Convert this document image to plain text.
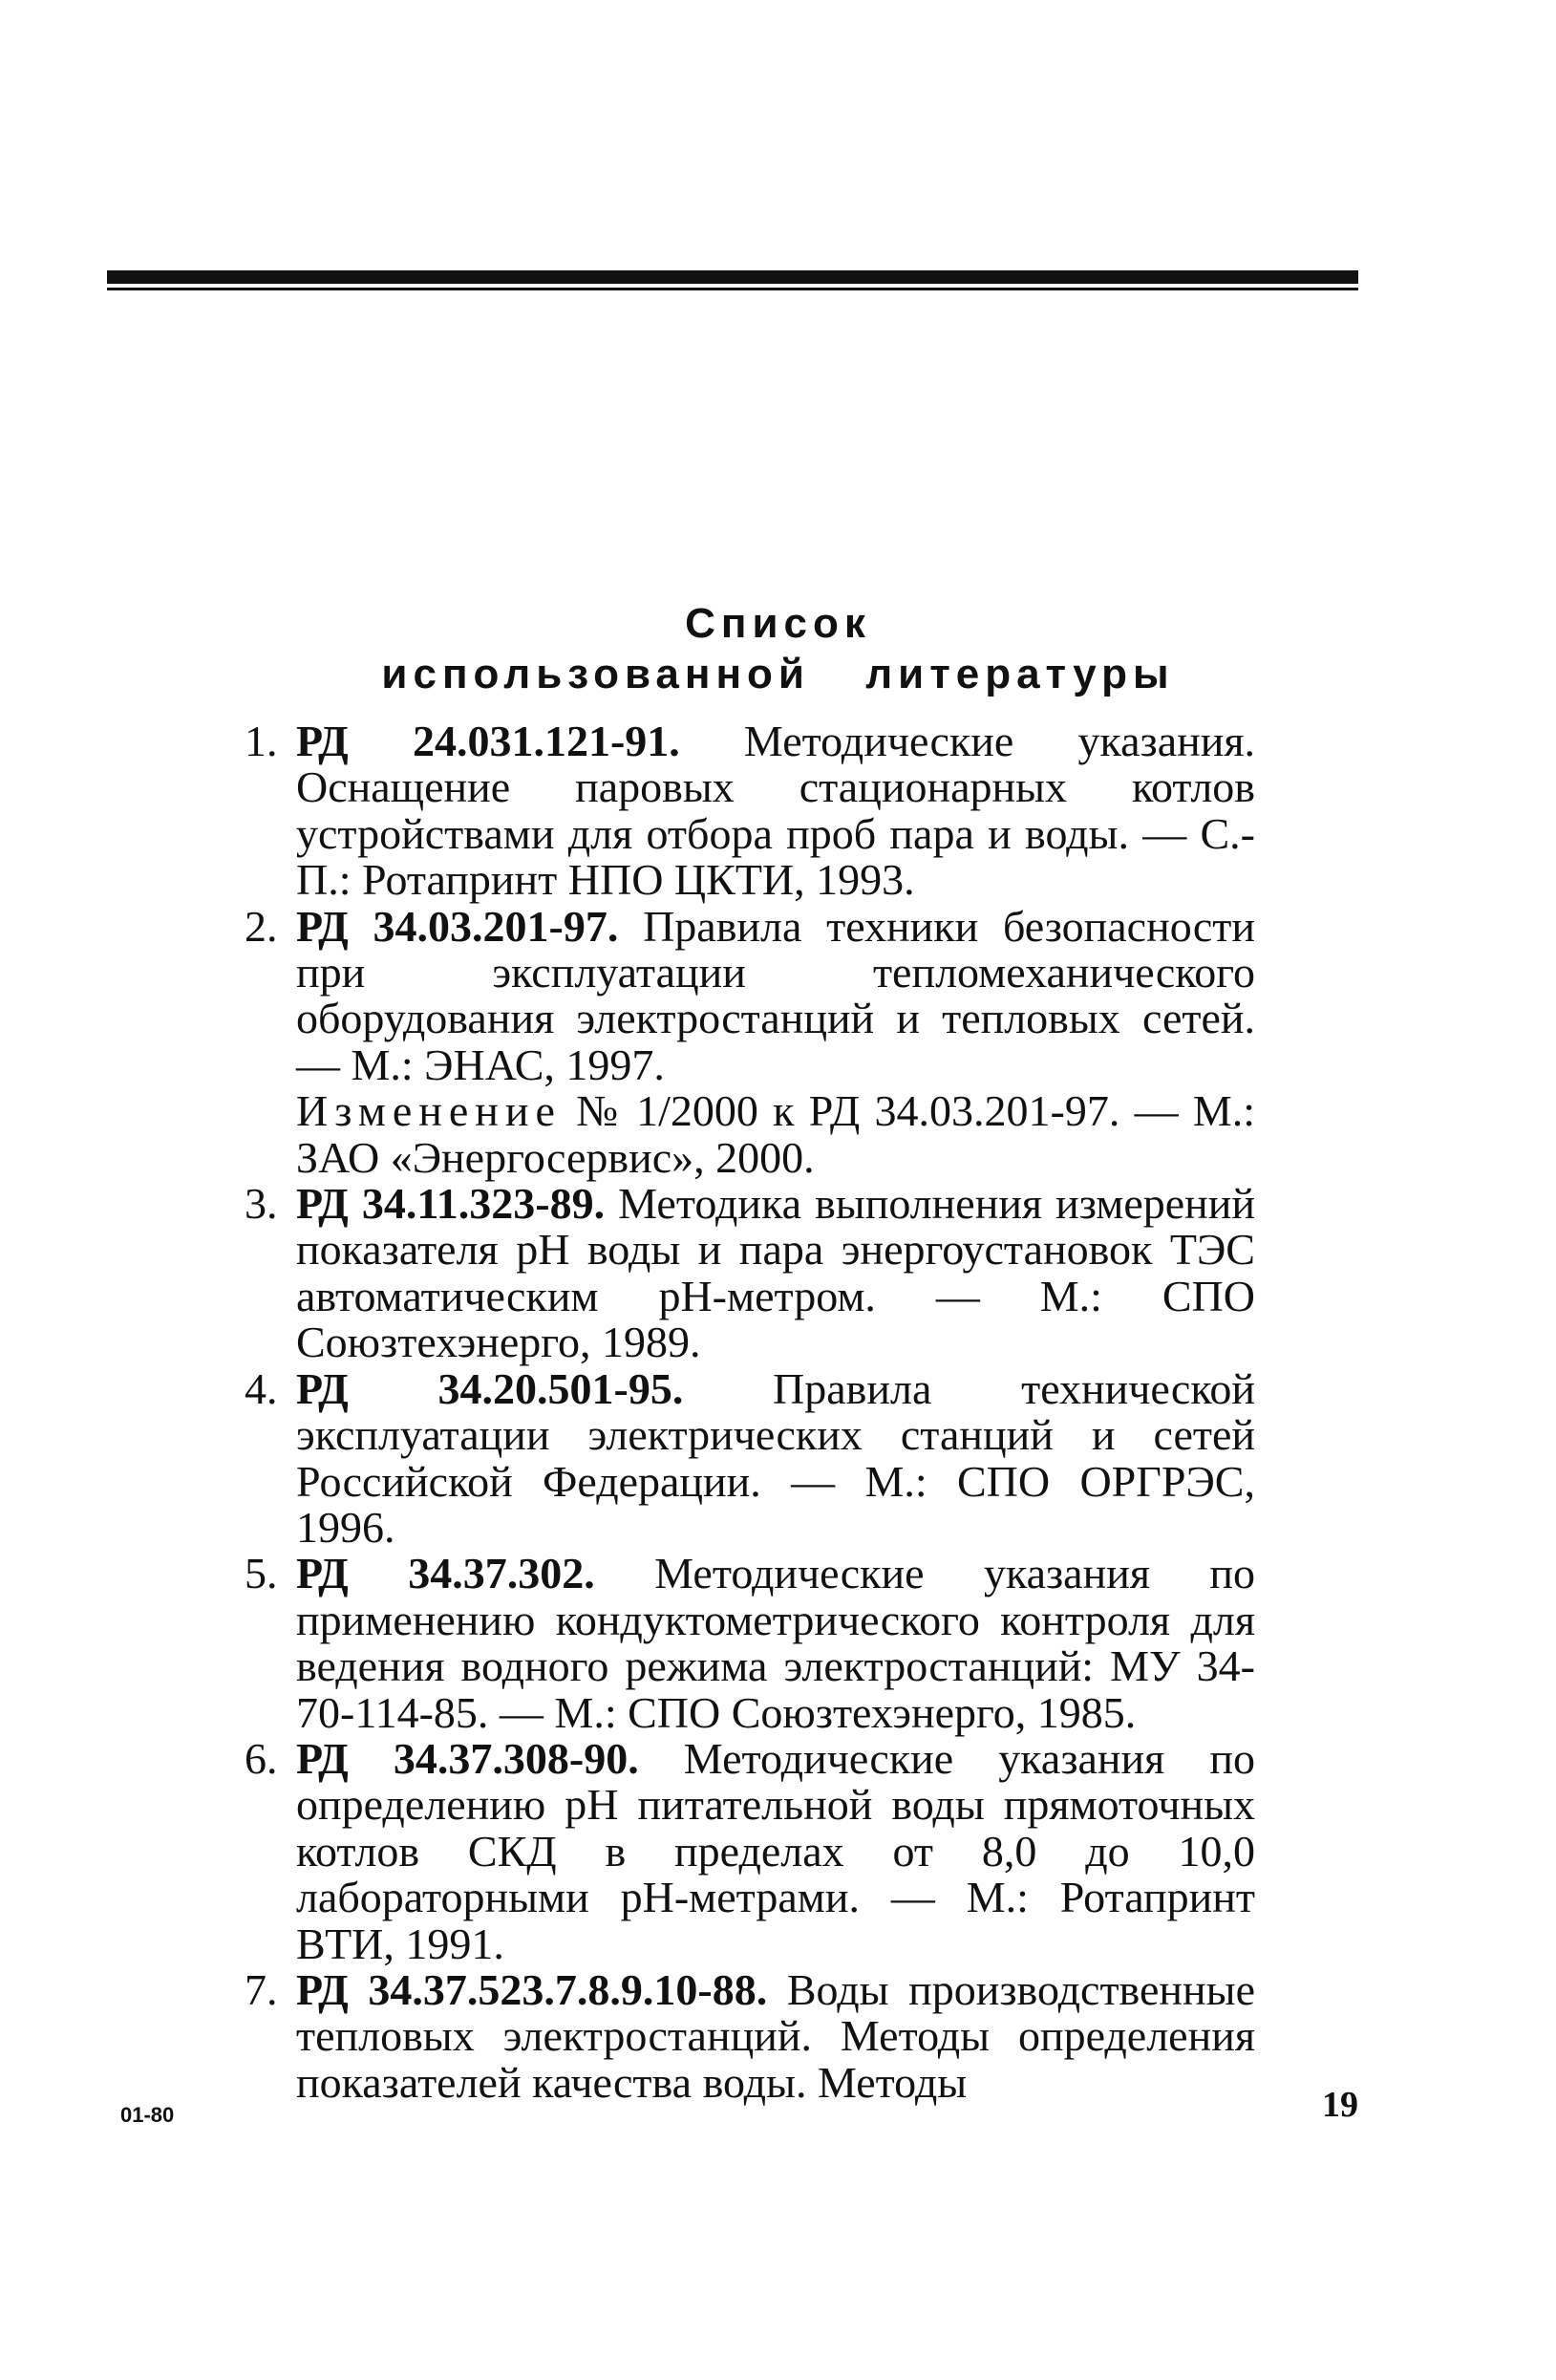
Список
использованной литературы
1. РД 24.031.121-91. Методические указания. Оснащение паровых стационарных котлов устройствами для отбора проб пара и воды. — С.-П.: Ротапринт НПО ЦКТИ, 1993.
2. РД 34.03.201-97. Правила техники безопасности при эксплуатации тепломеханического оборудования электростанций и тепловых сетей. — М.: ЭНАС, 1997.
Изменение № 1/2000 к РД 34.03.201-97. — М.: ЗАО «Энергосервис», 2000.
3. РД 34.11.323-89. Методика выполнения измерений показателя pH воды и пара энергоустановок ТЭС автоматическим pH-метром. — М.: СПО Союзтехэнерго, 1989.
4. РД 34.20.501-95. Правила технической эксплуатации электрических станций и сетей Российской Федерации. — М.: СПО ОРГРЭС, 1996.
5. РД 34.37.302. Методические указания по применению кондуктометрического контроля для ведения водного режима электростанций: МУ 34-70-114-85. — М.: СПО Союзтехэнерго, 1985.
6. РД 34.37.308-90. Методические указания по определению pH питательной воды прямоточных котлов СКД в пределах от 8,0 до 10,0 лабораторными pH-метрами. — М.: Ротапринт ВТИ, 1991.
7. РД 34.37.523.7.8.9.10-88. Воды производственные тепловых электростанций. Методы определения показателей качества воды. Методы
01-80	19
